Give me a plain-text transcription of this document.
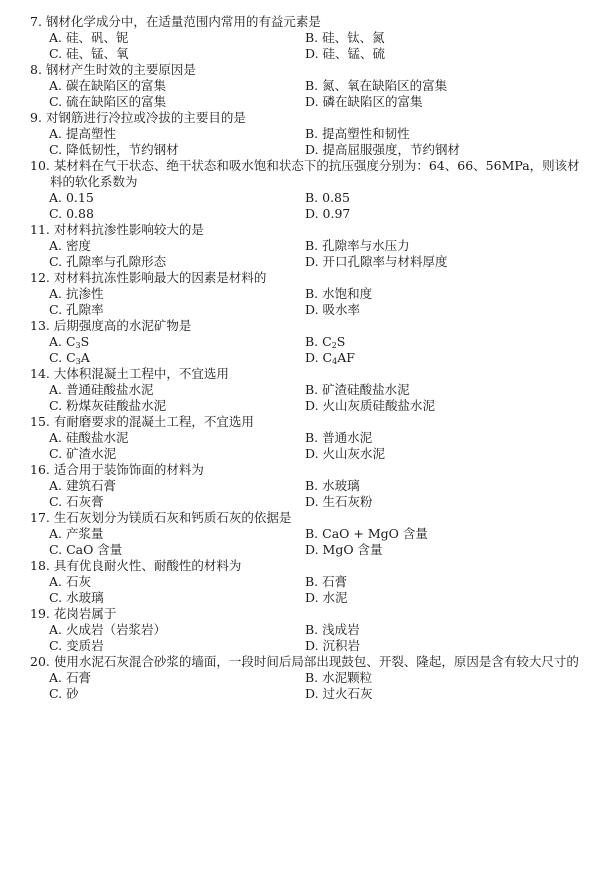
7. 钢材化学成分中，在适量范围内常用的有益元素是
A. 硅、矾、铌	B. 硅、钛、氮
C. 硅、锰、氧	D. 硅、锰、硫
8. 钢材产生时效的主要原因是
A. 碳在缺陷区的富集	B. 氮、氧在缺陷区的富集
C. 硫在缺陷区的富集	D. 磷在缺陷区的富集
9. 对钢筋进行冷拉或冷拔的主要目的是
A. 提高塑性	B. 提高塑性和韧性
C. 降低韧性，节约钢材	D. 提高屈服强度，节约钢材
10. 某材料在气干状态、绝干状态和吸水饱和状态下的抗压强度分别为：64、66、56MPa，则该材料的软化系数为
A. 0.15	B. 0.85
C. 0.88	D. 0.97
11. 对材料抗渗性影响较大的是
A. 密度	B. 孔隙率与水压力
C. 孔隙率与孔隙形态	D. 开口孔隙率与材料厚度
12. 对材料抗冻性影响最大的因素是材料的
A. 抗渗性	B. 水饱和度
C. 孔隙率	D. 吸水率
13. 后期强度高的水泥矿物是
A. $C_3S$	B. $C_2S$
C. $C_3A$	D. $C_4AF$
14. 大体积混凝土工程中，不宜选用
A. 普通硅酸盐水泥	B. 矿渣硅酸盐水泥
C. 粉煤灰硅酸盐水泥	D. 火山灰质硅酸盐水泥
15. 有耐磨要求的混凝土工程，不宜选用
A. 硅酸盐水泥	B. 普通水泥
C. 矿渣水泥	D. 火山灰水泥
16. 适合用于装饰饰面的材料为
A. 建筑石膏	B. 水玻璃
C. 石灰膏	D. 生石灰粉
17. 生石灰划分为镁质石灰和钙质石灰的依据是
A. 产浆量	B. CaO + MgO 含量
C. CaO 含量	D. MgO 含量
18. 具有优良耐火性、耐酸性的材料为
A. 石灰	B. 石膏
C. 水玻璃	D. 水泥
19. 花岗岩属于
A. 火成岩（岩浆岩）	B. 浅成岩
C. 变质岩	D. 沉积岩
20. 使用水泥石灰混合砂浆的墙面，一段时间后局部出现鼓包、开裂、隆起，原因是含有较大尺寸的
A. 石膏	B. 水泥颗粒
C. 砂	D. 过火石灰
